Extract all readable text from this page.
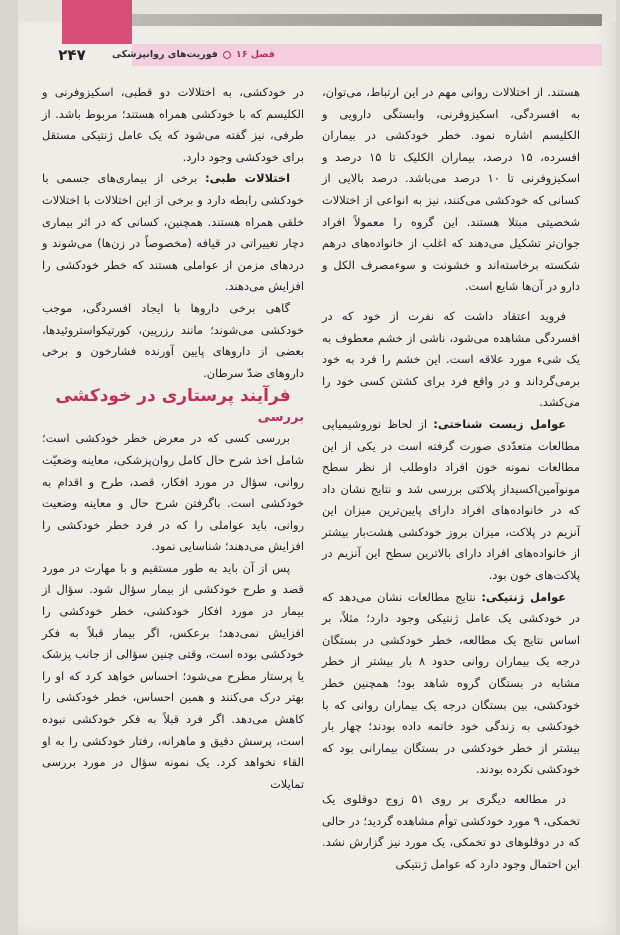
۲۴۷	فصل ۱۶
فوریت‌های روانپزشکی

هستند. از اختلالات روانی مهم در این ارتباط، می‌توان، به افسردگی، اسکیزوفرنی، وابستگی دارویی و الکلیسم اشاره نمود. خطر خودکشی در بیماران افسرده، ۱۵ درصد، بیماران الکلیک تا ۱۵ درصد و اسکیزوفرنی تا ۱۰ درصد می‌باشد. درصد بالایی از کسانی که خودکشی می‌کنند، نیز به انواعی از اختلالات شخصیتی مبتلا هستند. این گروه را معمولاً افراد جوان‌تر تشکیل می‌دهند که اغلب از خانواده‌های درهم شکسته برخاسته‌اند و خشونت و سوء‌مصرف الکل و دارو در آن‌ها شایع است.

فروید اعتقاد داشت که نفرت از خود که در افسردگی مشاهده می‌شود، ناشی از خشم معطوف به یک شیء مورد علاقه است. این خشم را فرد به خود برمی‌گرداند و در واقع فرد برای کشتن کسی خود را می‌کشد.

عوامل زیست شناختی: از لحاظ نوروشیمیایی مطالعات متعدّدی صورت گرفته است در یکی از این مطالعات نمونه خون افراد داوطلب از نظر سطح مونوآمین‌اکسیداز پلاکتی بررسی شد و نتایج نشان داد که در خانواده‌های افراد دارای پایین‌ترین میزان این آنزیم در پلاکت، میزان بروز خودکشی هشت‌بار بیشتر از خانواده‌های افراد دارای بالاترین سطح این آنزیم در پلاکت‌های خون بود.

عوامل ژنتیکی: نتایج مطالعات نشان می‌دهد که در خودکشی یک عامل ژنتیکی وجود دارد؛ مثلاً، بر اساس نتایج یک مطالعه، خطر خودکشی در بستگان درجه یک بیماران روانی حدود ۸ بار بیشتر از خطر مشابه در بستگان گروه شاهد بود؛ همچنین خطر خودکشی، بین بستگان درجه یک بیماران روانی که با خودکشی به زندگی خود خاتمه داده بودند؛ چهار بار بیشتر از خطر خودکشی در بستگان بیمارانی بود که خودکشی نکرده بودند.

در مطالعه دیگری بر روی ۵۱ زوج دوقلوی یک تخمکی، ۹ مورد خودکشی توأم مشاهده گردید؛ در حالی که در دوقلوهای دو تخمکی، یک مورد نیز گزارش نشد. این احتمال وجود دارد که عوامل ژنتیکی

در خودکشی، به اختلالات دو قطبی، اسکیزوفرنی و الکلیسم که با خودکشی همراه هستند؛ مربوط باشد. از طرفی، نیز گفته می‌شود که یک عامل ژنتیکی مستقل برای خودکشی وجود دارد.

اختلالات طبی: برخی از بیماری‌های جسمی با خودکشی رابطه دارد و برخی از این اختلالات با اختلالات خلقی همراه هستند. همچنین، کسانی که در اثر بیماری دچار تغییراتی در قیافه (مخصوصاً در زن‌ها) می‌شوند و دردهای مزمن از عواملی هستند که خطر خودکشی را افزایش می‌دهند.

گاهی برخی داروها با ایجاد افسردگی، موجب خودکشی می‌شوند؛ مانند رزرپین، کورتیکواستروئیدها، بعضی از داروهای پایین آورنده فشارخون و برخی داروهای ضدّ سرطان.

فرآیند پرستاری در خودکشی

بررسی

بررسی کسی که در معرض خطر خودکشی است؛ شامل اخذ شرح حال کامل روان‌پزشکی، معاینه وضعیّت روانی، سؤال در مورد افکار، قصد، طرح و اقدام به خودکشی است. باگرفتن شرح حال و معاینه وضعیت روانی، باید عواملی را که در فرد خطر خودکشی را افزایش می‌دهند؛ شناسایی نمود.

پس از آن باید به طور مستقیم و با مهارت در مورد قصد و طرح خودکشی از بیمار سؤال شود. سؤال از بیمار در مورد افکار خودکشی، خطر خودکشی را افزایش نمی‌دهد؛ برعکس، اگر بیمار قبلاً به فکر خودکشی بوده است، وقتی چنین سؤالی از جانب پزشک یا پرستار مطرح می‌شود؛ احساس خواهد کرد که او را بهتر درک می‌کنند و همین احساس، خطر خودکشی را کاهش می‌دهد. اگر فرد قبلاً به فکر خودکشی نبوده است، پرسش دقیق و ماهرانه، رفتار خودکشی را به او القاء نخواهد کرد. یک نمونه سؤال در مورد بررسی تمایلات
